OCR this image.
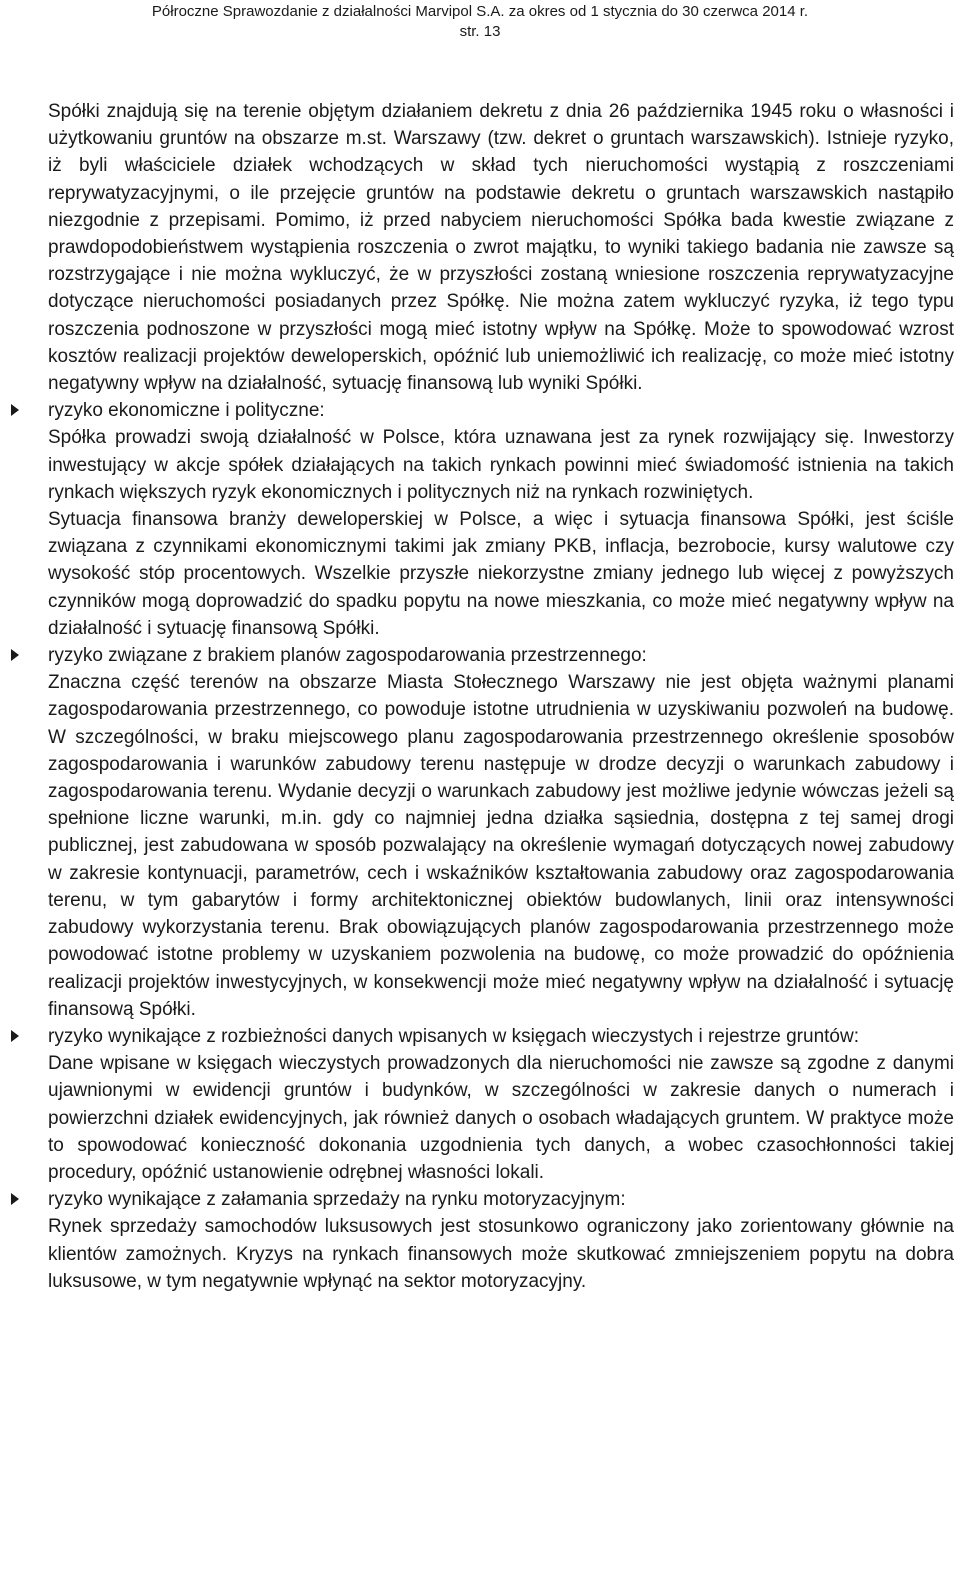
Półroczne Sprawozdanie z działalności Marvipol S.A. za okres od 1 stycznia do 30 czerwca 2014 r.
str. 13

Spółki znajdują się na terenie objętym działaniem dekretu z dnia 26 października 1945 roku o własności i użytkowaniu gruntów na obszarze m.st. Warszawy (tzw. dekret o gruntach warszawskich). Istnieje ryzyko, iż byli właściciele działek wchodzących w skład tych nieruchomości wystąpią z roszczeniami reprywatyzacyjnymi, o ile przejęcie gruntów na podstawie dekretu o gruntach warszawskich nastąpiło niezgodnie z przepisami. Pomimo, iż przed nabyciem nieruchomości Spółka bada kwestie związane z prawdopodobieństwem wystąpienia roszczenia o zwrot majątku, to wyniki takiego badania nie zawsze są rozstrzygające i nie można wykluczyć, że w przyszłości zostaną wniesione roszczenia reprywatyzacyjne dotyczące nieruchomości posiadanych przez Spółkę. Nie można zatem wykluczyć ryzyka, iż tego typu roszczenia podnoszone w przyszłości mogą mieć istotny wpływ na Spółkę. Może to spowodować wzrost kosztów realizacji projektów deweloperskich, opóźnić lub uniemożliwić ich realizację, co może mieć istotny negatywny wpływ na działalność, sytuację finansową lub wyniki Spółki.

ryzyko ekonomiczne i polityczne:

Spółka prowadzi swoją działalność w Polsce, która uznawana jest za rynek rozwijający się. Inwestorzy inwestujący w akcje spółek działających na takich rynkach powinni mieć świadomość istnienia na takich rynkach większych ryzyk ekonomicznych i politycznych niż na rynkach rozwiniętych.

Sytuacja finansowa branży deweloperskiej w Polsce, a więc i sytuacja finansowa Spółki, jest ściśle związana z czynnikami ekonomicznymi takimi jak zmiany PKB, inflacja, bezrobocie, kursy walutowe czy wysokość stóp procentowych. Wszelkie przyszłe niekorzystne zmiany jednego lub więcej z powyższych czynników mogą doprowadzić do spadku popytu na nowe mieszkania, co może mieć negatywny wpływ na działalność i sytuację finansową Spółki.

ryzyko związane z brakiem planów zagospodarowania przestrzennego:

Znaczna część terenów na obszarze Miasta Stołecznego Warszawy nie jest objęta ważnymi planami zagospodarowania przestrzennego, co powoduje istotne utrudnienia w uzyskiwaniu pozwoleń na budowę. W szczególności, w braku miejscowego planu zagospodarowania przestrzennego określenie sposobów zagospodarowania i warunków zabudowy terenu następuje w drodze decyzji o warunkach zabudowy i zagospodarowania terenu. Wydanie decyzji o warunkach zabudowy jest możliwe jedynie wówczas jeżeli są spełnione liczne warunki, m.in. gdy co najmniej jedna działka sąsiednia, dostępna z tej samej drogi publicznej, jest zabudowana w sposób pozwalający na określenie wymagań dotyczących nowej zabudowy w zakresie kontynuacji, parametrów, cech i wskaźników kształtowania zabudowy oraz zagospodarowania terenu, w tym gabarytów i formy architektonicznej obiektów budowlanych, linii oraz intensywności zabudowy wykorzystania terenu. Brak obowiązujących planów zagospodarowania przestrzennego może powodować istotne problemy w uzyskaniem pozwolenia na budowę, co może prowadzić do opóźnienia realizacji projektów inwestycyjnych, w konsekwencji może mieć negatywny wpływ na działalność i sytuację finansową Spółki.

ryzyko wynikające z rozbieżności danych wpisanych w księgach wieczystych i rejestrze gruntów:

Dane wpisane w księgach wieczystych prowadzonych dla nieruchomości nie zawsze są zgodne z danymi ujawnionymi w ewidencji gruntów i budynków, w szczególności w zakresie danych o numerach i powierzchni działek ewidencyjnych, jak również danych o osobach władających gruntem. W praktyce może to spowodować konieczność dokonania uzgodnienia tych danych, a wobec czasochłonności takiej procedury, opóźnić ustanowienie odrębnej własności lokali.

ryzyko wynikające z załamania sprzedaży na rynku motoryzacyjnym:

Rynek sprzedaży samochodów luksusowych jest stosunkowo ograniczony jako zorientowany głównie na klientów zamożnych. Kryzys na rynkach finansowych może skutkować zmniejszeniem popytu na dobra luksusowe, w tym negatywnie wpłynąć na sektor motoryzacyjny.
